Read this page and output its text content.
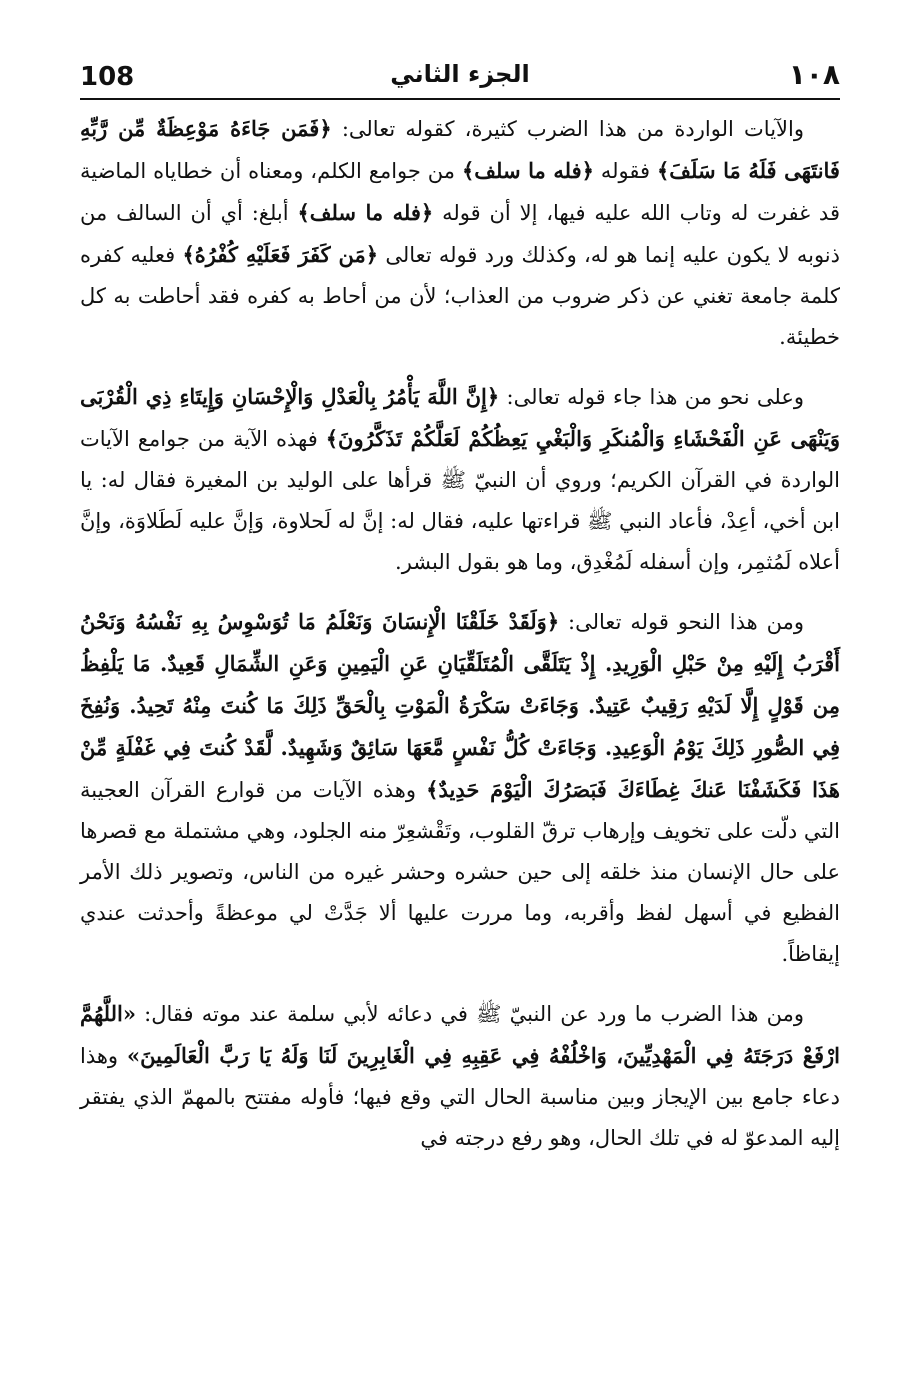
١٠٨
الجزء الثاني
108

والآيات الواردة من هذا الضرب كثيرة، كقوله تعالى: ﴿فَمَن جَاءَهُ مَوْعِظَةٌ مِّن رَّبِّهِ فَانتَهَى فَلَهُ مَا سَلَفَ﴾ فقوله ﴿فله ما سلف﴾ من جوامع الكلم، ومعناه أن خطاياه الماضية قد غفرت له وتاب الله عليه فيها، إلا أن قوله ﴿فله ما سلف﴾ أبلغ: أي أن السالف من ذنوبه لا يكون عليه إنما هو له، وكذلك ورد قوله تعالى ﴿مَن كَفَرَ فَعَلَيْهِ كُفْرُهُ﴾ فعليه كفره كلمة جامعة تغني عن ذكر ضروب من العذاب؛ لأن من أحاط به كفره فقد أحاطت به كل خطيئة.

وعلى نحو من هذا جاء قوله تعالى: ﴿إِنَّ اللَّهَ يَأْمُرُ بِالْعَدْلِ وَالْإِحْسَانِ وَإِيتَاءِ ذِي الْقُرْبَى وَيَنْهَى عَنِ الْفَحْشَاءِ وَالْمُنكَرِ وَالْبَغْيِ يَعِظُكُمْ لَعَلَّكُمْ تَذَكَّرُونَ﴾ فهذه الآية من جوامع الآيات الواردة في القرآن الكريم؛ وروي أن النبيّ ﷺ قرأها على الوليد بن المغيرة فقال له: يا ابن أخي، أعِدْ، فأعاد النبي ﷺ قراءتها عليه، فقال له: إنَّ له لَحلاوة، وَإنَّ عليه لَطَلاوَة، وإنَّ أعلاه لَمُثمِر، وإن أسفله لَمُغْدِق، وما هو بقول البشر.

ومن هذا النحو قوله تعالى: ﴿وَلَقَدْ خَلَقْنَا الْإِنسَانَ وَنَعْلَمُ مَا تُوَسْوِسُ بِهِ نَفْسُهُ وَنَحْنُ أَقْرَبُ إِلَيْهِ مِنْ حَبْلِ الْوَرِيدِ. إِذْ يَتَلَقَّى الْمُتَلَقِّيَانِ عَنِ الْيَمِينِ وَعَنِ الشِّمَالِ قَعِيدٌ. مَا يَلْفِظُ مِن قَوْلٍ إِلَّا لَدَيْهِ رَقِيبٌ عَتِيدٌ. وَجَاءَتْ سَكْرَةُ الْمَوْتِ بِالْحَقِّ ذَلِكَ مَا كُنتَ مِنْهُ تَحِيدُ. وَنُفِخَ فِي الصُّورِ ذَلِكَ يَوْمُ الْوَعِيدِ. وَجَاءَتْ كُلُّ نَفْسٍ مَّعَهَا سَائِقٌ وَشَهِيدٌ. لَّقَدْ كُنتَ فِي غَفْلَةٍ مِّنْ هَذَا فَكَشَفْنَا عَنكَ غِطَاءَكَ فَبَصَرُكَ الْيَوْمَ حَدِيدٌ﴾ وهذه الآيات من قوارع القرآن العجيبة التي دلّت على تخويف وإرهاب ترقّ القلوب، وتَقْشعِرّ منه الجلود، وهي مشتملة مع قصرها على حال الإنسان منذ خلقه إلى حين حشره وحشر غيره من الناس، وتصوير ذلك الأمر الفظيع في أسهل لفظ وأقربه، وما مررت عليها ألا جَدَّتْ لي موعظةً وأحدثت عندي إيقاظاً.

ومن هذا الضرب ما ورد عن النبيّ ﷺ في دعائه لأبي سلمة عند موته فقال: «اللَّهُمَّ ارْفَعْ دَرَجَتَهُ فِي الْمَهْدِيِّينَ، وَاخْلُفْهُ فِي عَقِبِهِ فِي الْغَابِرِينَ لَنَا وَلَهُ يَا رَبَّ الْعَالَمِينَ» وهذا دعاء جامع بين الإيجاز وبين مناسبة الحال التي وقع فيها؛ فأوله مفتتح بالمهمّ الذي يفتقر إليه المدعوّ له في تلك الحال، وهو رفع درجته في
